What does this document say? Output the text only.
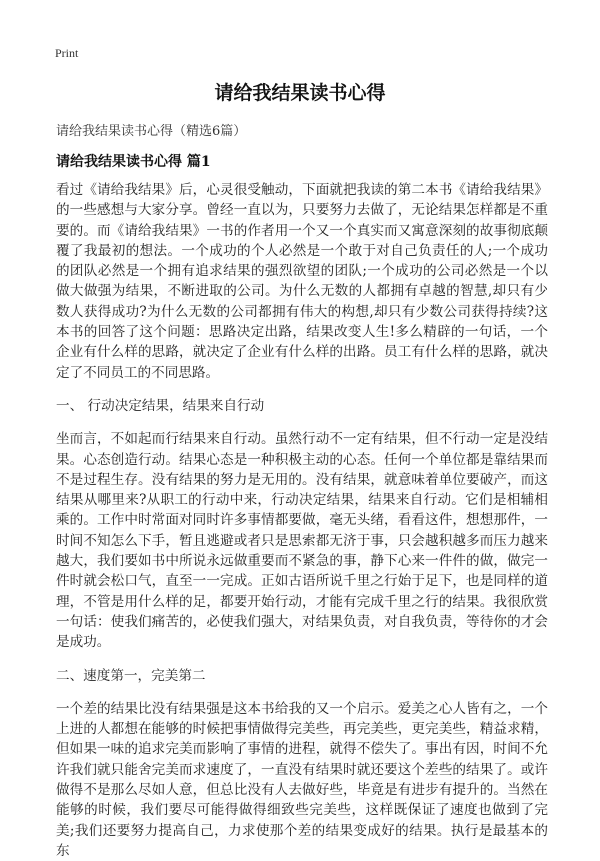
Print
请给我结果读书心得
请给我结果读书心得（精选6篇）
请给我结果读书心得 篇1

看过《请给我结果》后，心灵很受触动，下面就把我读的第二本书《请给我结果》的一些感想与大家分享。曾经一直以为，只要努力去做了，无论结果怎样都是不重要的。而《请给我结果》一书的作者用一个又一个真实而又寓意深刻的故事彻底颠覆了我最初的想法。一个成功的个人必然是一个敢于对自己负责任的人;一个成功的团队必然是一个拥有追求结果的强烈欲望的团队;一个成功的公司必然是一个以做大做强为结果，不断进取的公司。为什么无数的人都拥有卓越的智慧,却只有少数人获得成功?为什么无数的公司都拥有伟大的构想,却只有少数公司获得持续?这本书的回答了这个问题：思路决定出路，结果改变人生!多么精辟的一句话，一个企业有什么样的思路，就决定了企业有什么样的出路。员工有什么样的思路，就决定了不同员工的不同思路。

一、 行动决定结果，结果来自行动

坐而言，不如起而行结果来自行动。虽然行动不一定有结果，但不行动一定是没结果。心态创造行动。结果心态是一种积极主动的心态。任何一个单位都是靠结果而不是过程生存。没有结果的努力是无用的。没有结果，就意味着单位要破产，而这结果从哪里来?从职工的行动中来，行动决定结果，结果来自行动。它们是相辅相乘的。工作中时常面对同时许多事情都要做，毫无头绪，看看这件，想想那件，一时间不知怎么下手，暂且逃避或者只是思索都无济于事，只会越积越多而压力越来越大，我们要如书中所说永远做重要而不紧急的事，静下心来一件件的做，做完一件时就会松口气，直至一一完成。正如古语所说千里之行始于足下，也是同样的道理，不管是用什么样的足，都要开始行动，才能有完成千里之行的结果。我很欣赏一句话：使我们痛苦的，必使我们强大，对结果负责，对自我负责，等待你的才会是成功。

二、速度第一，完美第二

一个差的结果比没有结果强是这本书给我的又一个启示。爱美之心人皆有之，一个上进的人都想在能够的时候把事情做得完美些，再完美些，更完美些，精益求精，但如果一味的追求完美而影响了事情的进程，就得不偿失了。事出有因，时间不允许我们就只能舍完美而求速度了，一直没有结果时就还要这个差些的结果了。或许做得不是那么尽如人意，但总比没有人去做好些，毕竟是有进步有提升的。当然在能够的时候，我们要尽可能得做得细致些完美些，这样既保证了速度也做到了完美;我们还要努力提高自己，力求使那个差的结果变成好的结果。执行是最基本的东
